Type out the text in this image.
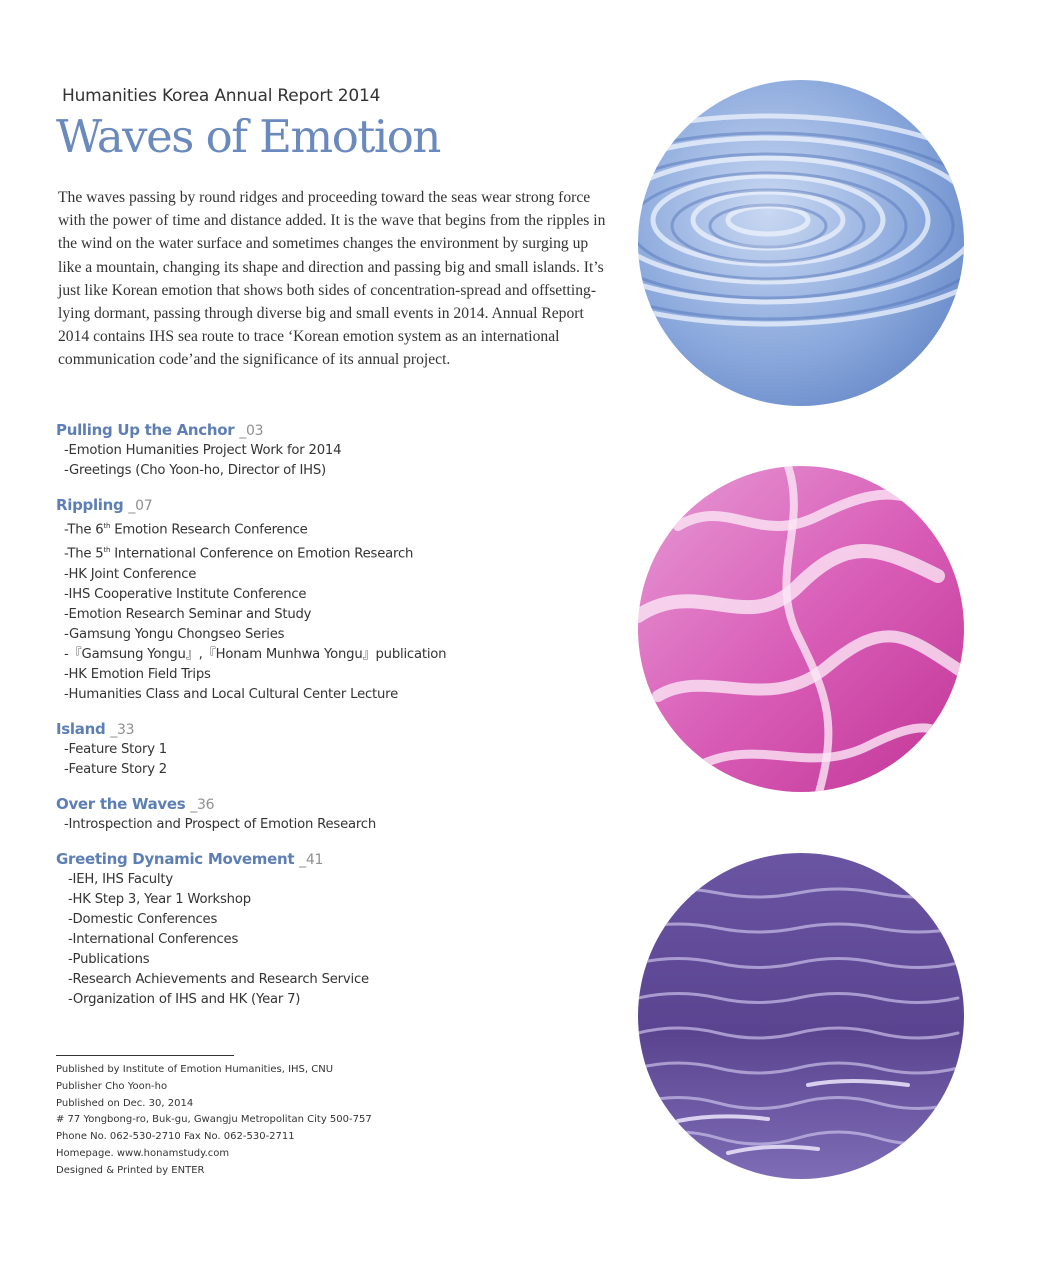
Humanities Korea Annual Report 2014
Waves of Emotion

The waves passing by round ridges and proceeding toward the seas wear strong force with the power of time and distance added. It is the wave that begins from the ripples in the wind on the water surface and sometimes changes the environment by surging up like a mountain, changing its shape and direction and passing big and small islands. It’s just like Korean emotion that shows both sides of concentration-spread and offsetting-lying dormant, passing through diverse big and small events in 2014. Annual Report 2014 contains IHS sea route to trace ‘Korean emotion system as an international communication code’and the significance of its annual project.

Pulling Up the Anchor _03
-Emotion Humanities Project Work for 2014
-Greetings (Cho Yoon-ho, Director of IHS)
Rippling _07
-The 6th Emotion Research Conference
-The 5th International Conference on Emotion Research
-HK Joint Conference
-IHS Cooperative Institute Conference
-Emotion Research Seminar and Study
-Gamsung Yongu Chongseo Series
-『Gamsung Yongu』,『Honam Munhwa Yongu』publication
-HK Emotion Field Trips
-Humanities Class and Local Cultural Center Lecture
Island _33
-Feature Story 1
-Feature Story 2
Over the Waves _36
-Introspection and Prospect of Emotion Research
Greeting Dynamic Movement _41
-IEH, IHS Faculty
-HK Step 3, Year 1 Workshop
-Domestic Conferences
-International Conferences
-Publications
-Research Achievements and Research Service
-Organization of IHS and HK (Year 7)
Published by Institute of Emotion Humanities, IHS, CNU
Publisher Cho Yoon-ho
Published on Dec. 30, 2014
# 77 Yongbong-ro, Buk-gu, Gwangju Metropolitan City 500-757
Phone No. 062-530-2710 Fax No. 062-530-2711
Homepage. www.honamstudy.com
Designed & Printed by ENTER
